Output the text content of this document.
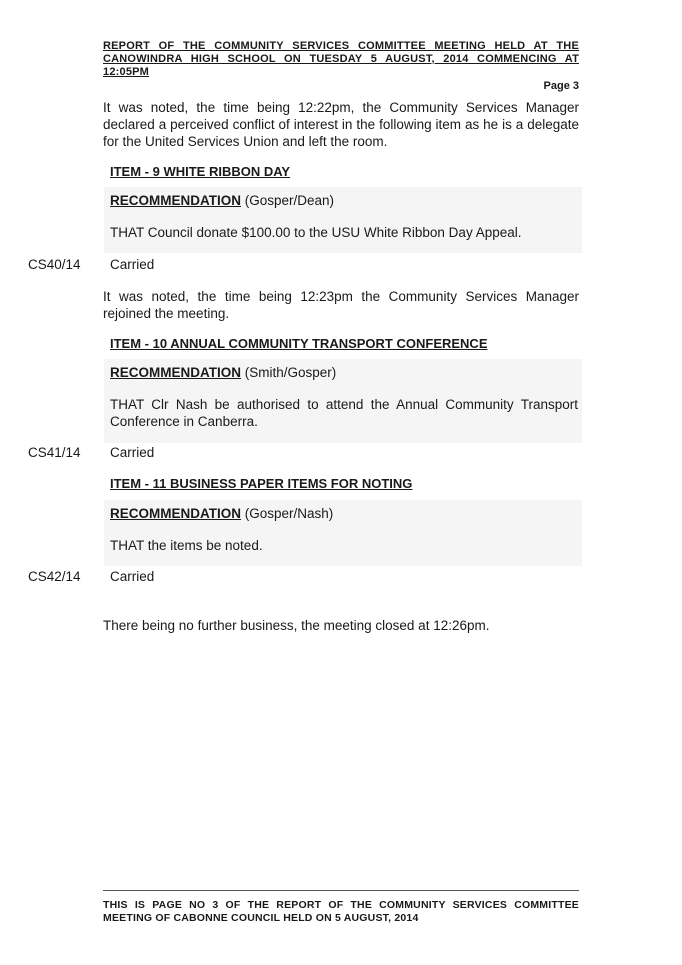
REPORT OF THE COMMUNITY SERVICES COMMITTEE MEETING HELD AT THE CANOWINDRA HIGH SCHOOL ON TUESDAY 5 AUGUST, 2014 COMMENCING AT 12:05PM
Page 3
It was noted, the time being 12:22pm, the Community Services Manager declared a perceived conflict of interest in the following item as he is a delegate for the United Services Union and left the room.
ITEM - 9 WHITE RIBBON DAY
RECOMMENDATION (Gosper/Dean)
THAT Council donate $100.00 to the USU White Ribbon Day Appeal.
CS40/14 Carried
It was noted, the time being 12:23pm the Community Services Manager rejoined the meeting.
ITEM - 10 ANNUAL COMMUNITY TRANSPORT CONFERENCE
RECOMMENDATION (Smith/Gosper)
THAT Clr Nash be authorised to attend the Annual Community Transport Conference in Canberra.
CS41/14 Carried
ITEM - 11 BUSINESS PAPER ITEMS FOR NOTING
RECOMMENDATION (Gosper/Nash)
THAT the items be noted.
CS42/14 Carried
There being no further business, the meeting closed at 12:26pm.
THIS IS PAGE NO 3 OF THE REPORT OF THE COMMUNITY SERVICES COMMITTEE MEETING OF CABONNE COUNCIL HELD ON 5 AUGUST, 2014
